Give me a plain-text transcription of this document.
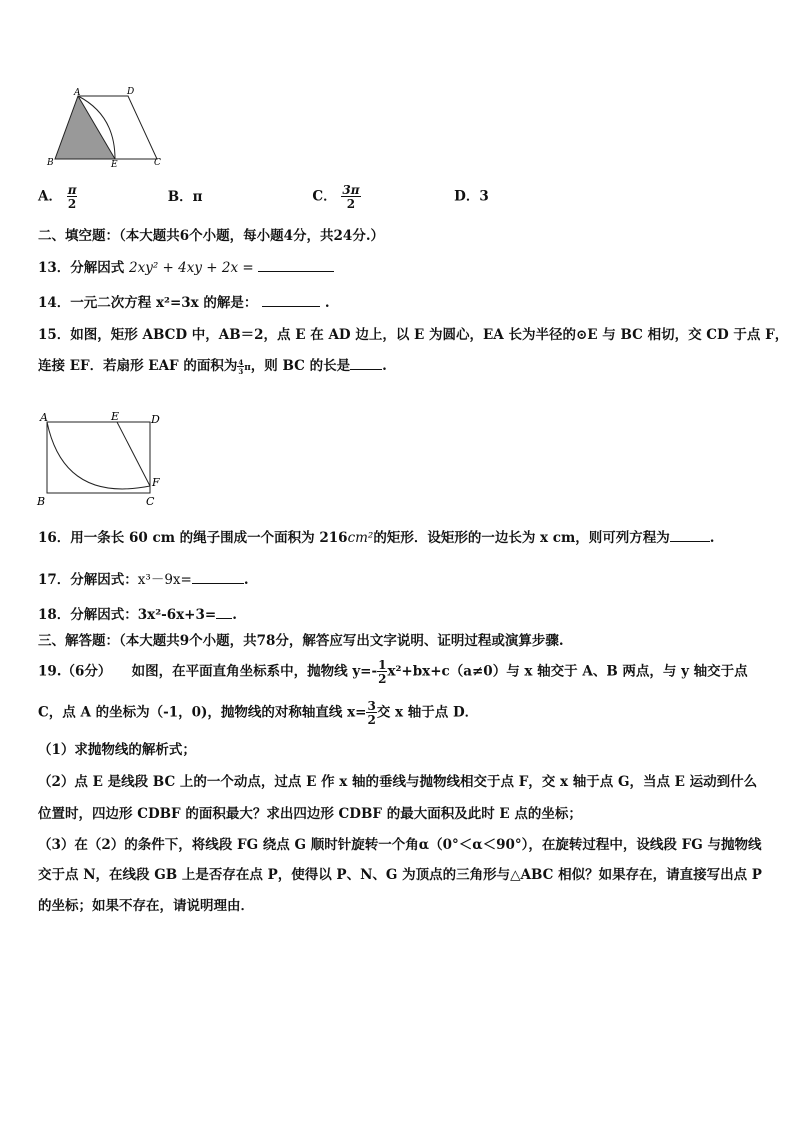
A	D
B	E	C
A． $\frac{\pi}{2}$	B．π	C． $\frac{3\pi}{2}$	D．3
二、填空题：（本大题共6个小题，每小题4分，共24分.）
13．分解因式 2xy² + 4xy + 2x =
14．一元二次方程 x²=3x 的解是：	.
15．如图，矩形 ABCD 中，AB＝2，点 E 在 AD 边上，以 E 为圆心，EA 长为半径的⊙E 与 BC 相切，交 CD 于点 F，
连接 EF．若扇形 EAF 的面积为 $\frac{4}{3}$ π，则 BC 的长是 .
A	E	D
B	C
F
16．用一条长 60 cm 的绳子围成一个面积为 216cm²的矩形．设矩形的一边长为 x cm，则可列方程为	.
17．分解因式：x³－9x=	.
18．分解因式：3x²-6x+3= .
三、解答题：（本大题共9个小题，共78分，解答应写出文字说明、证明过程或演算步骤.
19.（6分）　　如图，在平面直角坐标系中，抛物线 $y=- \frac{1}{2} x^2+bx+c(a\ne 0)$与 x 轴交于 A、B 两点，与 y 轴交于点
C，点 A 的坐标为（-1，0)，抛物线的对称轴直线 $x= \frac{3}{2}$ 交 x 轴于点 D．
（1）求抛物线的解析式；
（2）点 E 是线段 BC 上的一个动点，过点 E 作 x 轴的垂线与抛物线相交于点 F，交 x 轴于点 G，当点 E 运动到什么
位置时，四边形 CDBF 的面积最大？求出四边形 CDBF 的最大面积及此时 E 点的坐标；
（3）在（2）的条件下，将线段 FG 绕点 G 顺时针旋转一个角α（0°＜α＜90°），在旋转过程中，设线段 FG 与抛物线
交于点 N，在线段 GB 上是否存在点 P，使得以 P、N、G 为顶点的三角形与△ABC 相似？如果存在，请直接写出点 P
的坐标；如果不存在，请说明理由．
